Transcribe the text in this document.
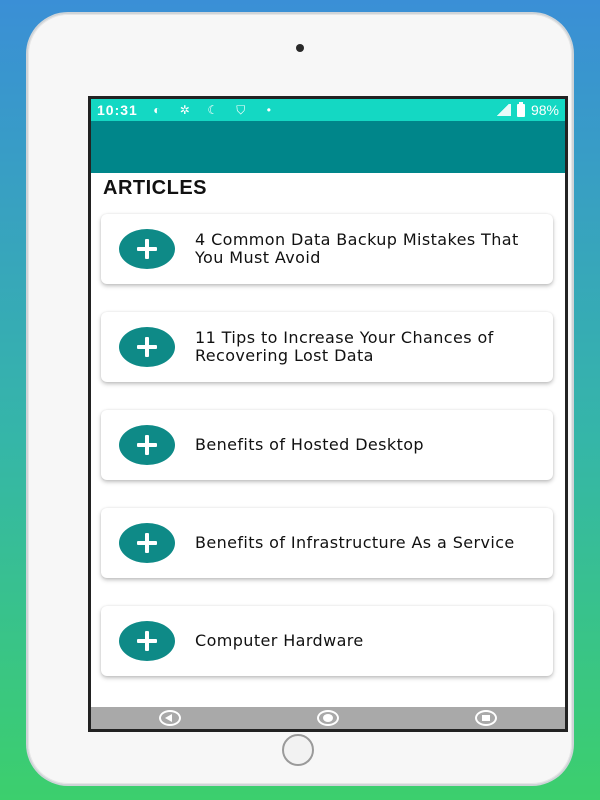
10:31 ◐ ✲ ☾ ⛉	•	98%
ARTICLES
4 Common Data Backup Mistakes That You Must Avoid
11 Tips to Increase Your Chances of Recovering Lost Data
Benefits of Hosted Desktop
Benefits of Infrastructure As a Service
Computer Hardware
